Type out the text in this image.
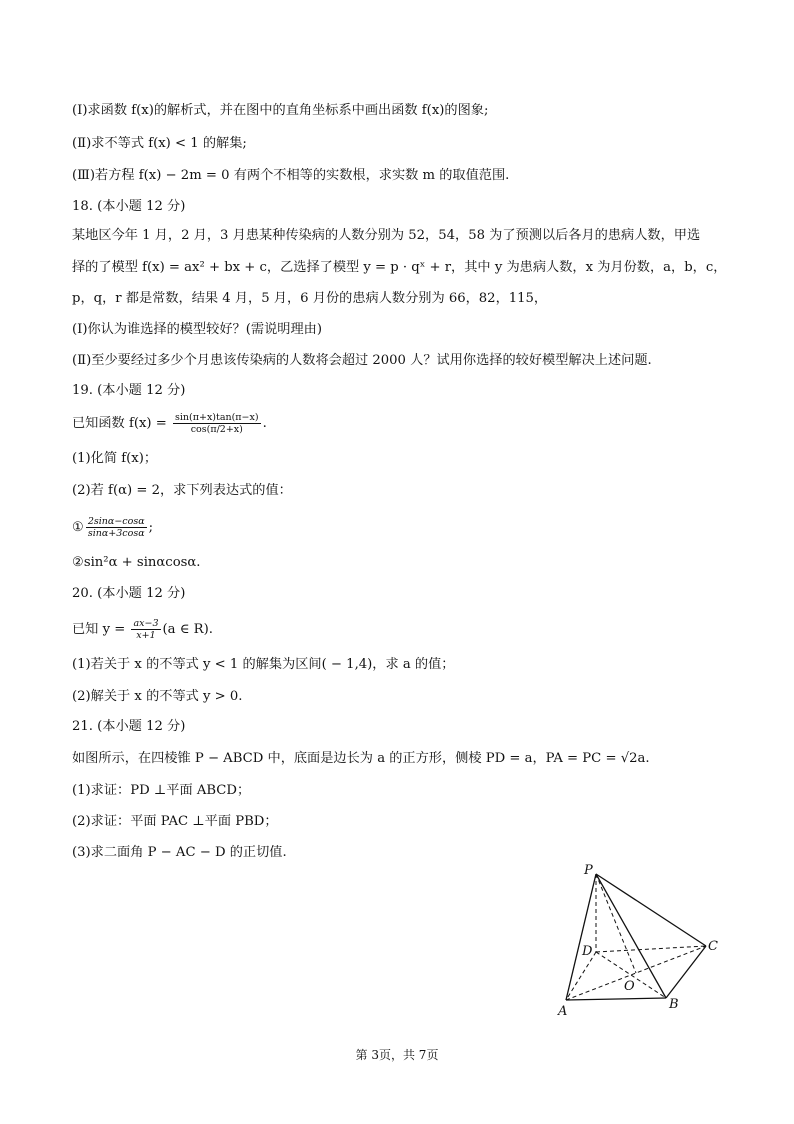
(Ⅰ)求函数 f(x)的解析式，并在图中的直角坐标系中画出函数 f(x)的图象;
(Ⅱ)求不等式 f(x) < 1 的解集;
(Ⅲ)若方程 f(x) − 2m = 0 有两个不相等的实数根，求实数 m 的取值范围.
18. (本小题 12 分)
某地区今年 1 月，2 月，3 月患某种传染病的人数分别为 52，54，58 为了预测以后各月的患病人数，甲选
择的了模型 f(x) = ax² + bx + c，乙选择了模型 y = p · qˣ + r，其中 y 为患病人数，x 为月份数，a，b，c，
p，q，r 都是常数，结果 4 月，5 月，6 月份的患病人数分别为 66，82，115，
(Ⅰ)你认为谁选择的模型较好？(需说明理由)
(Ⅱ)至少要经过多少个月患该传染病的人数将会超过 2000 人？试用你选择的较好模型解决上述问题.
19. (本小题 12 分)
已知函数 $f(x) = \frac{\sin(\pi+x)\tan(\pi-x)}{\cos(\pi/2+x)}$ .
(1)化简 f(x)；
(2)若 f(α) = 2，求下列表达式的值：
① $\frac{2\sin\alpha-\cos\alpha}{\sin\alpha+3\cos\alpha}$ ;
②sin²α + sinαcosα.
20. (本小题 12 分)
已知 $y = \frac{ax-3}{x+1} (a$ ∈ R).
(1)若关于 x 的不等式 y < 1 的解集为区间( − 1,4)，求 a 的值；
(2)解关于 x 的不等式 y > 0.
21. (本小题 12 分)
如图所示，在四棱锥 P − ABCD 中，底面是边长为 a 的正方形，侧棱 PD = a，PA = PC = √2a.
(1)求证：PD ⊥平面 ABCD；
(2)求证：平面 PAC ⊥平面 PBD；
(3)求二面角 P − AC − D 的正切值.
P
D	C
O
A	B
第 3页，共 7页
